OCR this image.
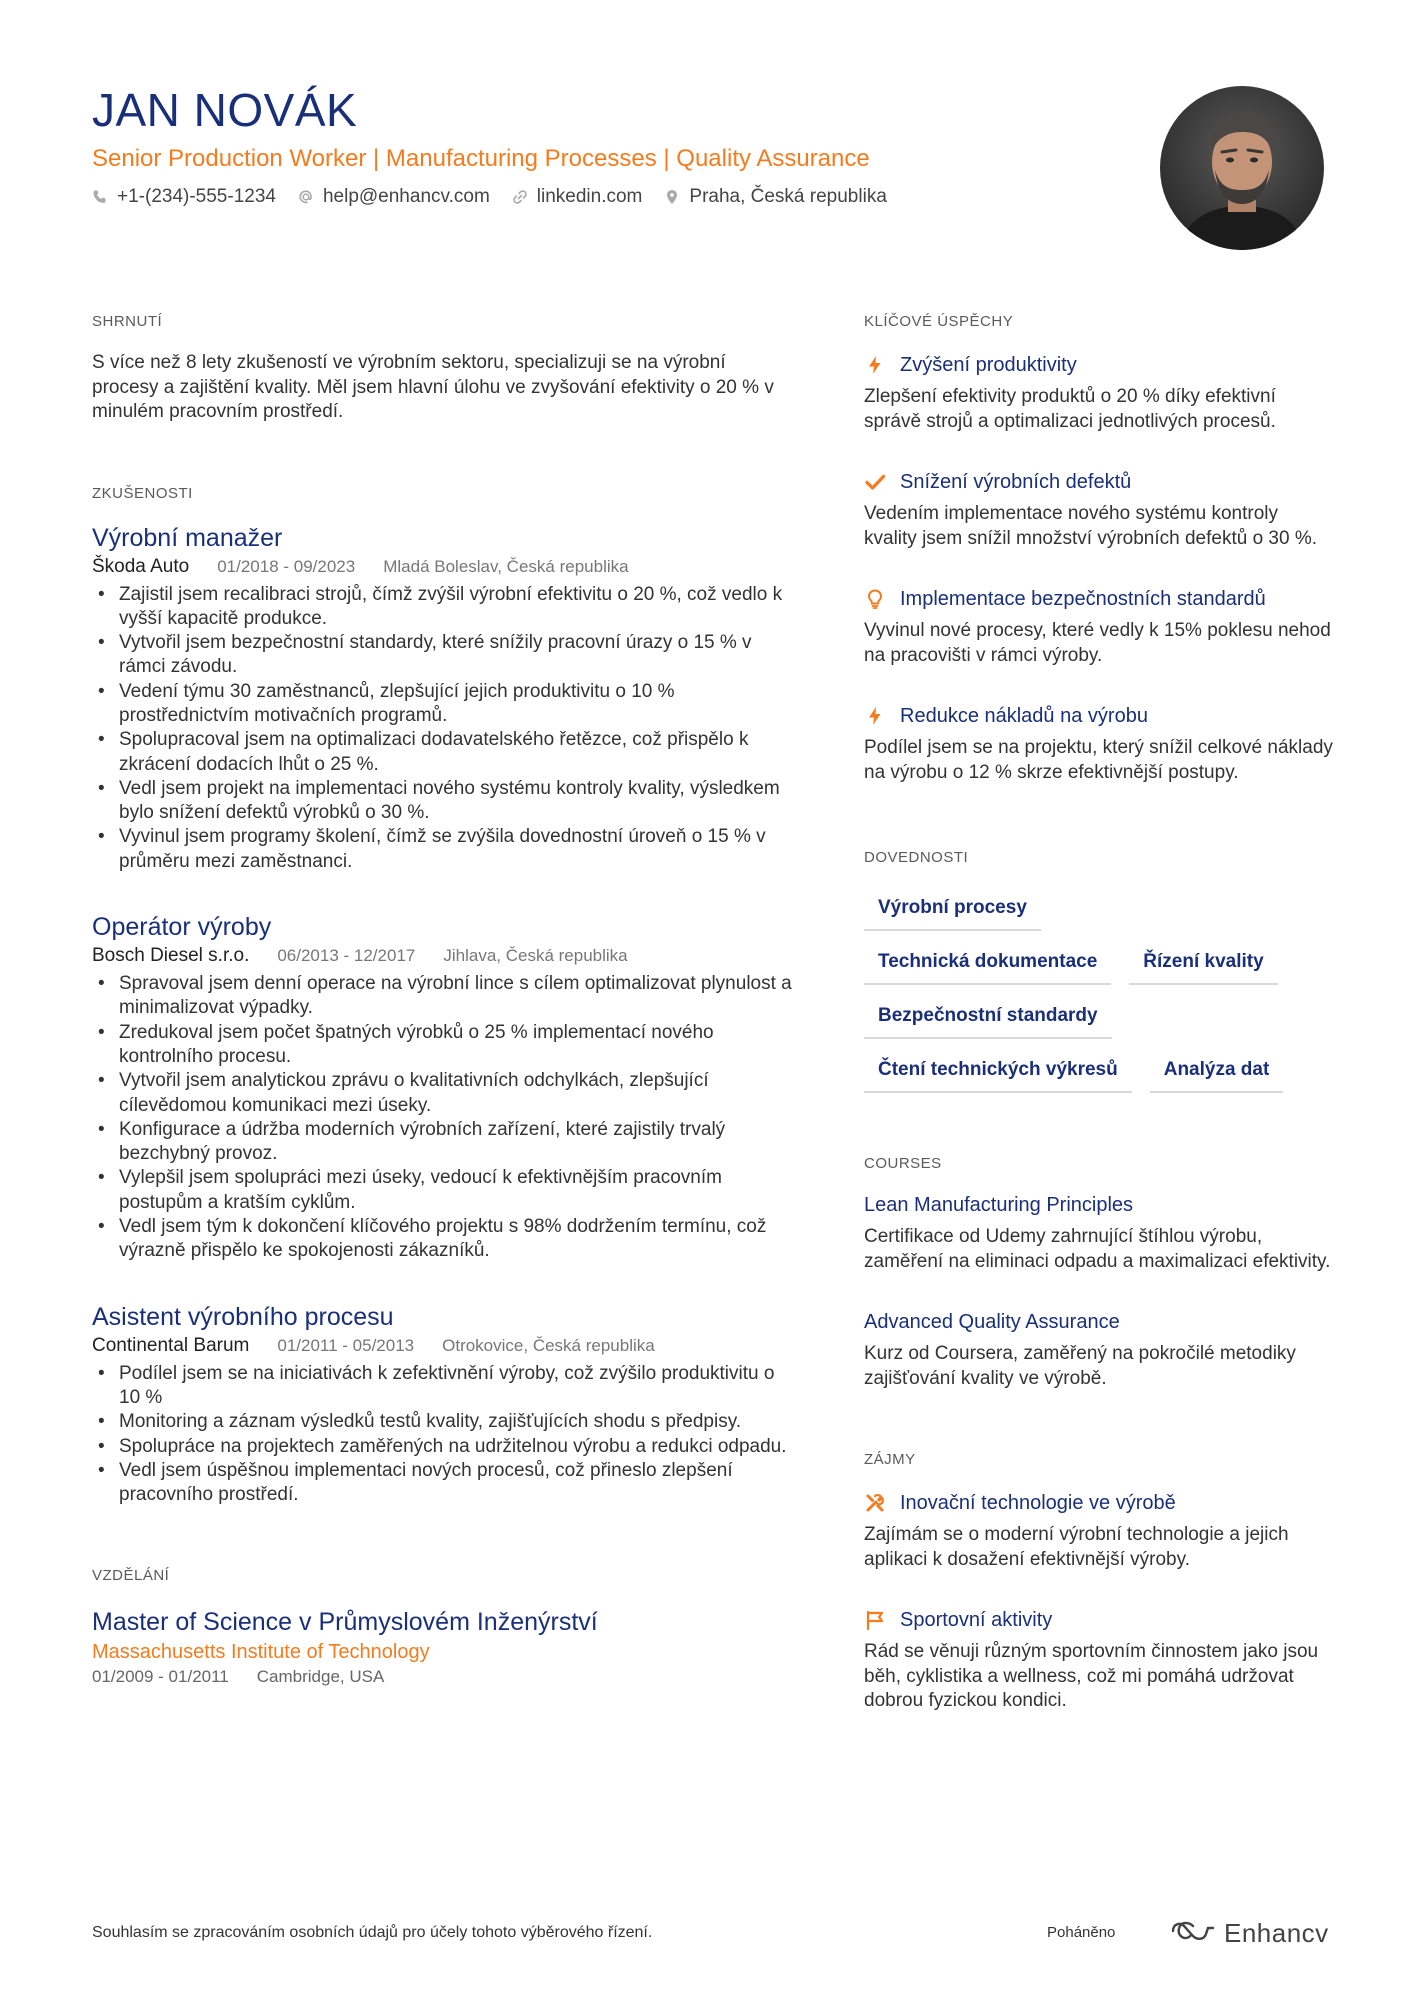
JAN NOVÁK
Senior Production Worker | Manufacturing Processes | Quality Assurance
+1-(234)-555-1234 help@enhancv.com linkedin.com Praha, Česká republika
SHRNUTÍ
S více než 8 lety zkušeností ve výrobním sektoru, specializuji se na výrobní procesy a zajištění kvality. Měl jsem hlavní úlohu ve zvyšování efektivity o 20 % v minulém pracovním prostředí.
ZKUŠENOSTI
Výrobní manažer
Škoda Auto 01/2018 - 09/2023 Mladá Boleslav, Česká republika
• Zajistil jsem recalibraci strojů, čímž zvýšil výrobní efektivitu o 20 %, což vedlo k vyšší kapacitě produkce.
• Vytvořil jsem bezpečnostní standardy, které snížily pracovní úrazy o 15 % v rámci závodu.
• Vedení týmu 30 zaměstnanců, zlepšující jejich produktivitu o 10 % prostřednictvím motivačních programů.
• Spolupracoval jsem na optimalizaci dodavatelského řetězce, což přispělo k zkrácení dodacích lhůt o 25 %.
• Vedl jsem projekt na implementaci nového systému kontroly kvality, výsledkem bylo snížení defektů výrobků o 30 %.
• Vyvinul jsem programy školení, čímž se zvýšila dovednostní úroveň o 15 % v průměru mezi zaměstnanci.
Operátor výroby
Bosch Diesel s.r.o. 06/2013 - 12/2017 Jihlava, Česká republika
• Spravoval jsem denní operace na výrobní lince s cílem optimalizovat plynulost a minimalizovat výpadky.
• Zredukoval jsem počet špatných výrobků o 25 % implementací nového kontrolního procesu.
• Vytvořil jsem analytickou zprávu o kvalitativních odchylkách, zlepšující cílevědomou komunikaci mezi úseky.
• Konfigurace a údržba moderních výrobních zařízení, které zajistily trvalý bezchybný provoz.
• Vylepšil jsem spolupráci mezi úseky, vedoucí k efektivnějším pracovním postupům a kratším cyklům.
• Vedl jsem tým k dokončení klíčového projektu s 98% dodržením termínu, což výrazně přispělo ke spokojenosti zákazníků.
Asistent výrobního procesu
Continental Barum 01/2011 - 05/2013 Otrokovice, Česká republika
• Podílel jsem se na iniciativách k zefektivnění výroby, což zvýšilo produktivitu o 10 %
• Monitoring a záznam výsledků testů kvality, zajišťujících shodu s předpisy.
• Spolupráce na projektech zaměřených na udržitelnou výrobu a redukci odpadu.
• Vedl jsem úspěšnou implementaci nových procesů, což přineslo zlepšení pracovního prostředí.
VZDĚLÁNÍ
Master of Science v Průmyslovém Inženýrství
Massachusetts Institute of Technology
01/2009 - 01/2011 Cambridge, USA
KLÍČOVÉ ÚSPĚCHY
Zvýšení produktivity
Zlepšení efektivity produktů o 20 % díky efektivní správě strojů a optimalizaci jednotlivých procesů.
Snížení výrobních defektů
Vedením implementace nového systému kontroly kvality jsem snížil množství výrobních defektů o 30 %.
Implementace bezpečnostních standardů
Vyvinul nové procesy, které vedly k 15% poklesu nehod na pracovišti v rámci výroby.
Redukce nákladů na výrobu
Podílel jsem se na projektu, který snížil celkové náklady na výrobu o 12 % skrze efektivnější postupy.
DOVEDNOSTI
Výrobní procesy
Technická dokumentace	Řízení kvality
Bezpečnostní standardy
Čtení technických výkresů	Analýza dat
COURSES
Lean Manufacturing Principles
Certifikace od Udemy zahrnující štíhlou výrobu, zaměření na eliminaci odpadu a maximalizaci efektivity.
Advanced Quality Assurance
Kurz od Coursera, zaměřený na pokročilé metodiky zajišťování kvality ve výrobě.
ZÁJMY
Inovační technologie ve výrobě
Zajímám se o moderní výrobní technologie a jejich aplikaci k dosažení efektivnější výroby.
Sportovní aktivity
Rád se věnuji různým sportovním činnostem jako jsou běh, cyklistika a wellness, což mi pomáhá udržovat dobrou fyzickou kondici.
Souhlasím se zpracováním osobních údajů pro účely tohoto výběrového řízení.	Poháněno	Enhancv
